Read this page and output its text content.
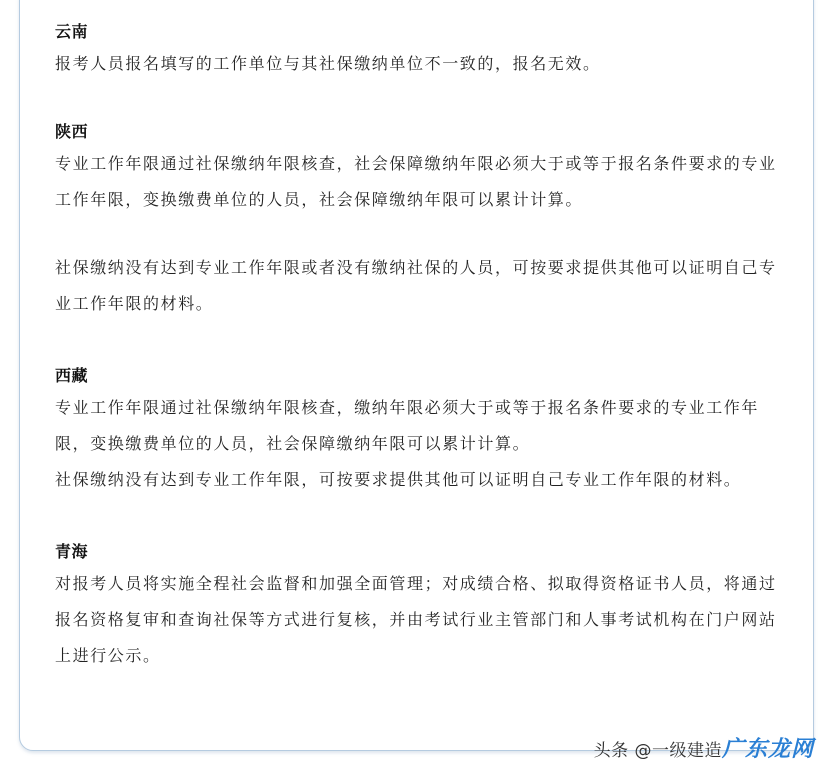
云南
报考人员报名填写的工作单位与其社保缴纳单位不一致的，报名无效。
陕西
专业工作年限通过社保缴纳年限核查，社会保障缴纳年限必须大于或等于报名条件要求的专业工作年限，变换缴费单位的人员，社会保障缴纳年限可以累计计算。
社保缴纳没有达到专业工作年限或者没有缴纳社保的人员，可按要求提供其他可以证明自己专业工作年限的材料。
西藏
专业工作年限通过社保缴纳年限核查，缴纳年限必须大于或等于报名条件要求的专业工作年限，变换缴费单位的人员，社会保障缴纳年限可以累计计算。
社保缴纳没有达到专业工作年限，可按要求提供其他可以证明自己专业工作年限的材料。
青海
对报考人员将实施全程社会监督和加强全面管理；对成绩合格、拟取得资格证书人员，将通过报名资格复审和查询社保等方式进行复核，并由考试行业主管部门和人事考试机构在门户网站上进行公示。
头条 @一级建造广东龙网
